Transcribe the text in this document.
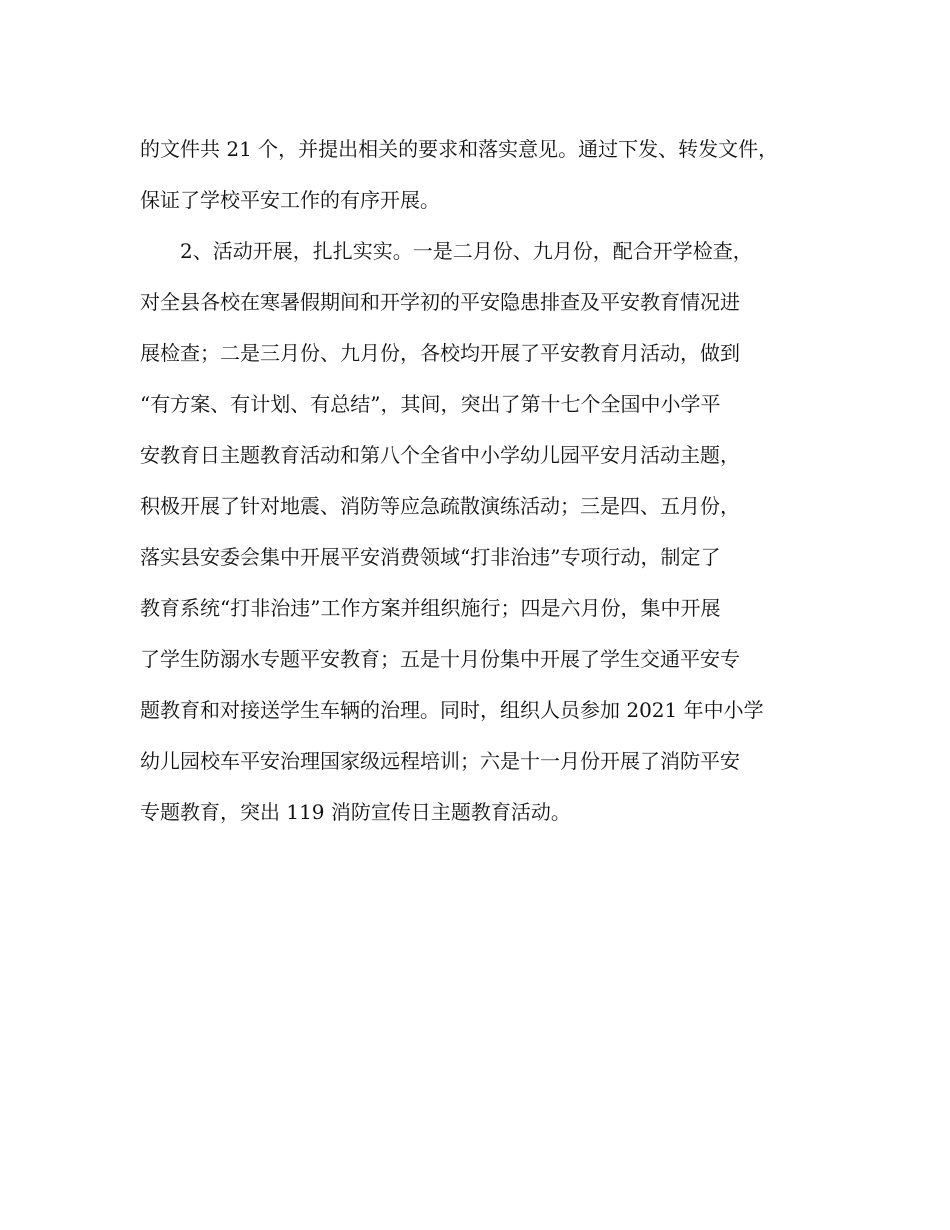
的文件共 21 个，并提出相关的要求和落实意见。通过下发、转发文件，
保证了学校平安工作的有序开展。
2、活动开展，扎扎实实。一是二月份、九月份，配合开学检查，
对全县各校在寒暑假期间和开学初的平安隐患排查及平安教育情况进
展检查；二是三月份、九月份，各校均开展了平安教育月活动，做到
“有方案、有计划、有总结”，其间，突出了第十七个全国中小学平
安教育日主题教育活动和第八个全省中小学幼儿园平安月活动主题，
积极开展了针对地震、消防等应急疏散演练活动；三是四、五月份，
落实县安委会集中开展平安消费领域“打非治违”专项行动，制定了
教育系统“打非治违”工作方案并组织施行；四是六月份，集中开展
了学生防溺水专题平安教育；五是十月份集中开展了学生交通平安专
题教育和对接送学生车辆的治理。同时，组织人员参加 2021 年中小学
幼儿园校车平安治理国家级远程培训；六是十一月份开展了消防平安
专题教育，突出 119 消防宣传日主题教育活动。
